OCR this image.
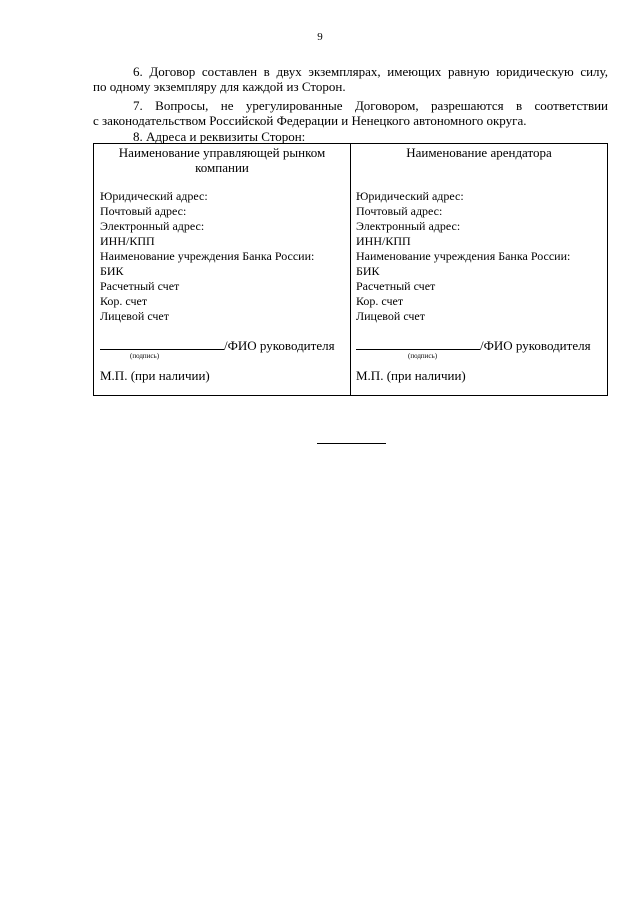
9
6. Договор составлен в двух экземплярах, имеющих равную юридическую силу,
по одному экземпляру для каждой из Сторон.
7. Вопросы, не урегулированные Договором, разрешаются в соответствии
с законодательством Российской Федерации и Ненецкого автономного округа.
8. Адреса и реквизиты Сторон:
Наименование управляющей рынком компании
Юридический адрес:
Почтовый адрес:
Электронный адрес:
ИНН/КПП
Наименование учреждения Банка России:
БИК
Расчетный счет
Кор. счет
Лицевой счет
/ФИО руководителя
(подпись)
М.П. (при наличии)
Наименование арендатора
Юридический адрес:
Почтовый адрес:
Электронный адрес:
ИНН/КПП
Наименование учреждения Банка России:
БИК
Расчетный счет
Кор. счет
Лицевой счет
/ФИО руководителя
(подпись)
М.П. (при наличии)
